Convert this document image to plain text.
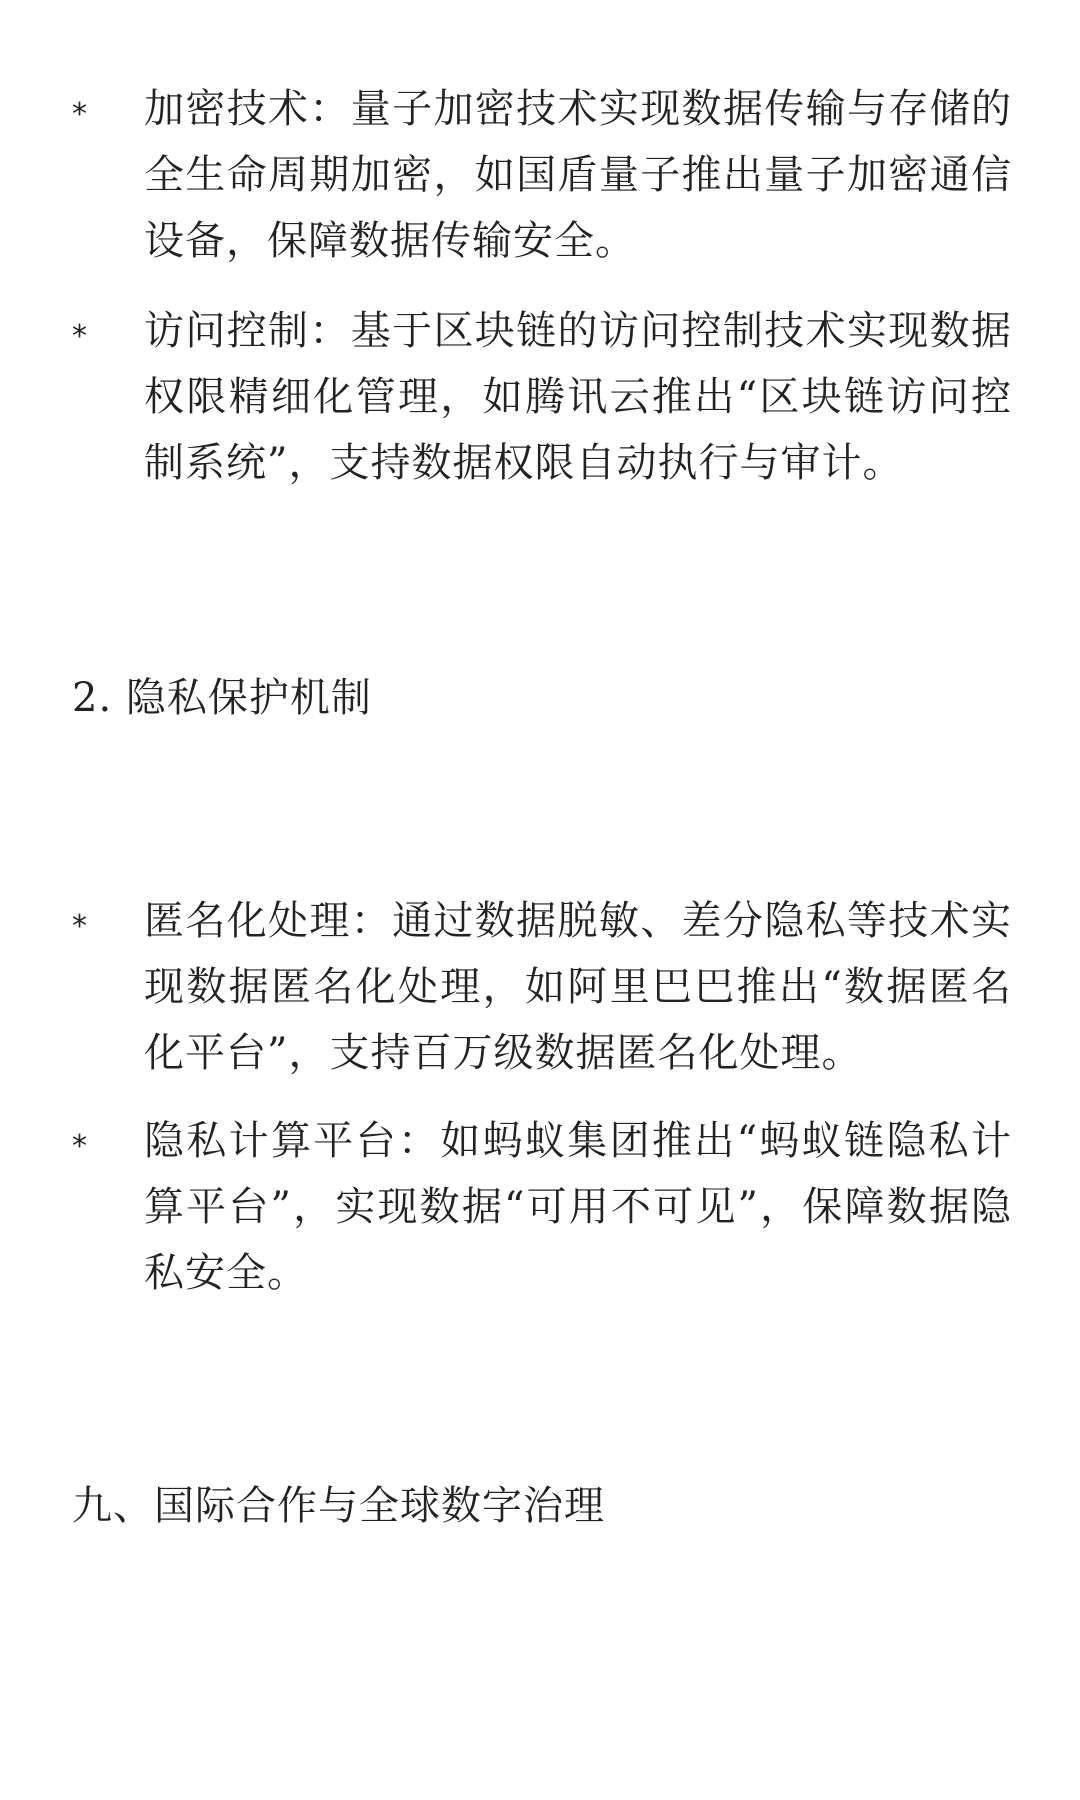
*	加密技术：量子加密技术实现数据传输与存储的全生命周期加密，如国盾量子推出量子加密通信设备，保障数据传输安全。
*	访问控制：基于区块链的访问控制技术实现数据权限精细化管理，如腾讯云推出“区块链访问控制系统”，支持数据权限自动执行与审计。
2. 隐私保护机制
*	匿名化处理：通过数据脱敏、差分隐私等技术实现数据匿名化处理，如阿里巴巴推出“数据匿名化平台”，支持百万级数据匿名化处理。
*	隐私计算平台：如蚂蚁集团推出“蚂蚁链隐私计算平台”，实现数据“可用不可见”，保障数据隐私安全。
九、国际合作与全球数字治理
